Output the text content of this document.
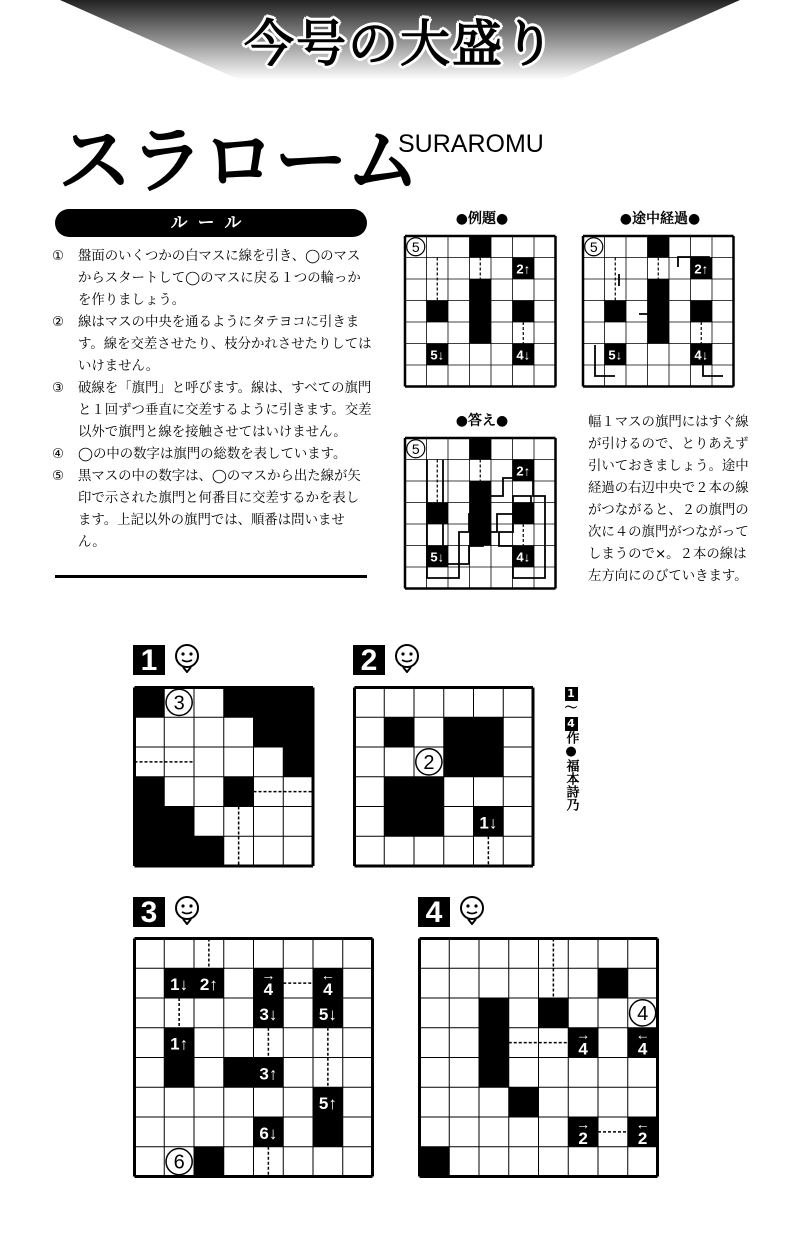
今号の大盛り
スラローム
SURAROMU
ルール
①	盤面のいくつかの白マスに線を引き、◯のマスからスタートして◯のマスに戻る１つの輪っかを作りましょう。
②	線はマスの中央を通るようにタテヨコに引きます。線を交差させたり、枝分かれさせたりしてはいけません。
③	破線を「旗門」と呼びます。線は、すべての旗門と１回ずつ垂直に交差するように引きます。交差以外で旗門と線を接触させてはいけません。
④	◯の中の数字は旗門の総数を表しています。
⑤	黒マスの中の数字は、◯のマスから出た線が矢印で示された旗門と何番目に交差するかを表します。上記以外の旗門では、順番は問いません。
●例題●	●途中経過●
●答え●
5
2↑
5↓	4↓
5
2↑
5↓	4↓
5
2↑
5↓	4↓
幅１マスの旗門にはすぐ線が引けるので、とりあえず引いておきましょう。途中経過の右辺中央で２本の線がつながると、２の旗門の次に４の旗門がつながってしまうので×。２本の線は左方向にのびていきます。
1	2
3	4
1
〜
4

作●福本詩乃
3
1←	2
1↓
6
1↓ 2↑	→
4
←
4
3↓ 5↓
1↑
3↑
5↑
6↓
4
→
4
←
4
→
2
←
2
